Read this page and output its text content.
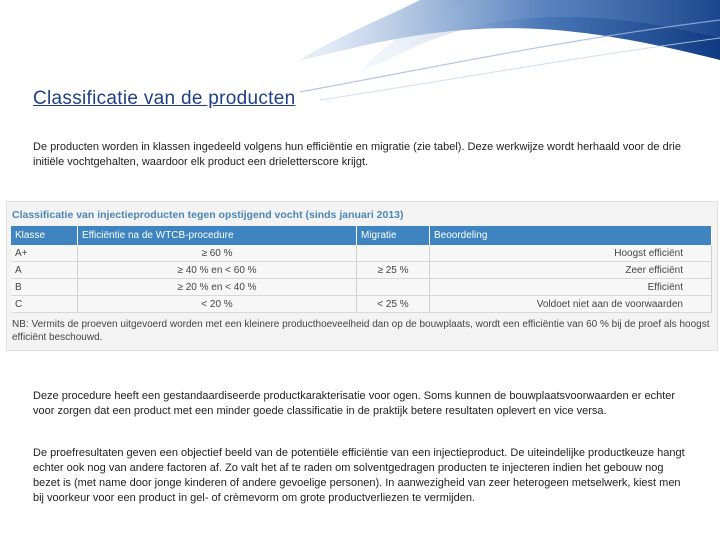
Classificatie van de producten
De producten worden in klassen ingedeeld volgens hun efficiëntie en migratie (zie tabel). Deze werkwijze wordt herhaald voor de drie initiële vochtgehalten, waardoor elk product een drieletterscore krijgt.
Classificatie van injectieproducten tegen opstijgend vocht (sinds januari 2013)
Klasse	Efficiëntie na de WTCB-procedure	Migratie	Beoordeling
A+	≥ 60 %		Hoogst efficiënt
A	≥ 40 % en < 60 %	≥ 25 %	Zeer efficiënt
B	≥ 20 % en < 40 %		Efficiënt
C	< 20 %	< 25 %	Voldoet niet aan de voorwaarden
NB: Vermits de proeven uitgevoerd worden met een kleinere producthoeveelheid dan op de bouwplaats, wordt een efficiëntie van 60 % bij de proef als hoogst efficiënt beschouwd.
Deze procedure heeft een gestandaardiseerde productkarakterisatie voor ogen. Soms kunnen de bouwplaatsvoorwaarden er echter voor zorgen dat een product met een minder goede classificatie in de praktijk betere resultaten oplevert en vice versa.
De proefresultaten geven een objectief beeld van de potentiële efficiëntie van een injectieproduct. De uiteindelijke productkeuze hangt echter ook nog van andere factoren af. Zo valt het af te raden om solventgedragen producten te injecteren indien het gebouw nog bezet is (met name door jonge kinderen of andere gevoelige personen). In aanwezigheid van zeer heterogeen metselwerk, kiest men bij voorkeur voor een product in gel- of crèmevorm om grote productverliezen te vermijden.
